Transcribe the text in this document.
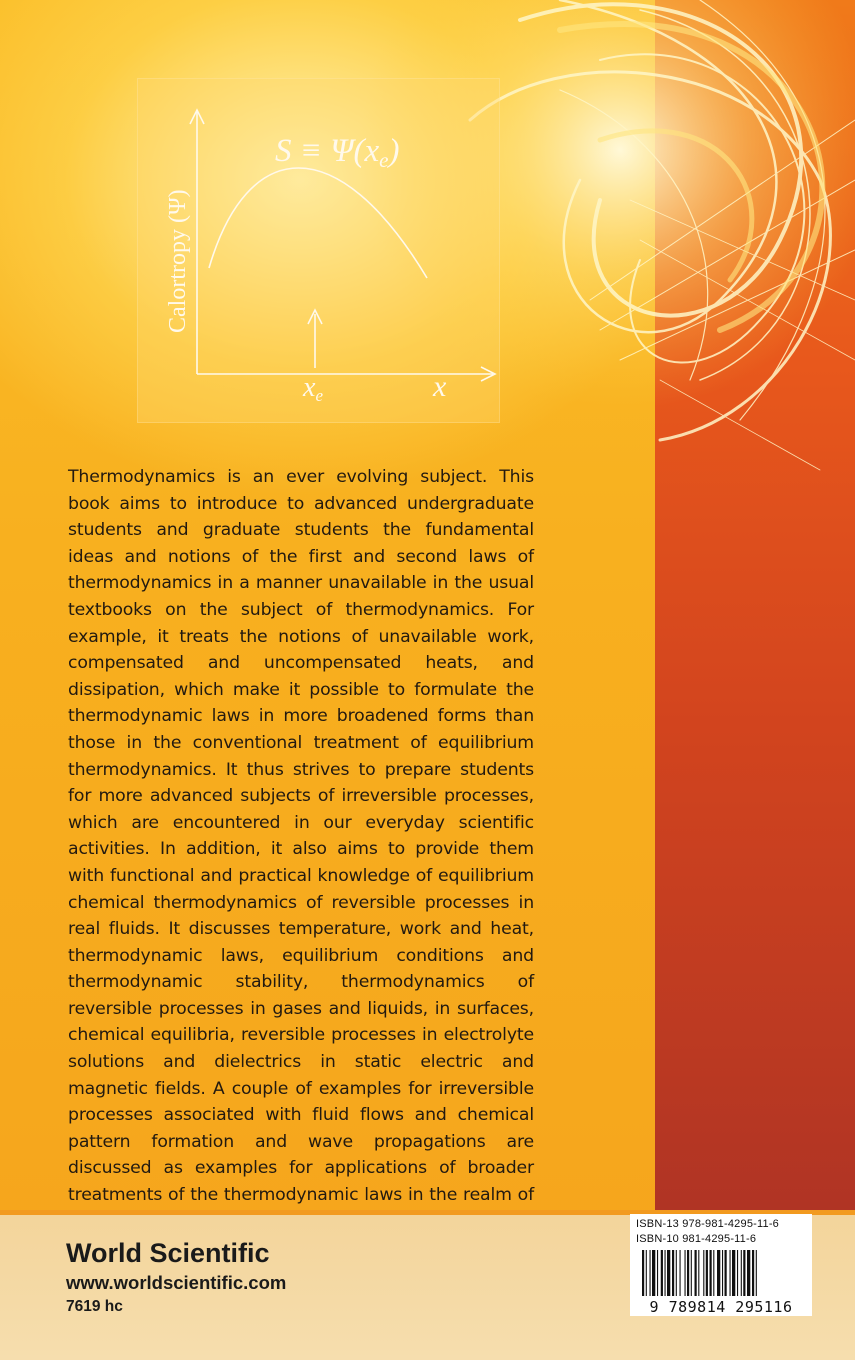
S ≡ Ψ(xe)
Calortropy (Ψ)
xe	x

Thermodynamics is an ever evolving subject. This book aims to introduce to advanced undergraduate students and graduate students the fundamental ideas and notions of the first and second laws of thermodynamics in a manner unavailable in the usual textbooks on the subject of thermodynamics. For example, it treats the notions of unavailable work, compensated and uncompensated heats, and dissipation, which make it possible to formulate the thermodynamic laws in more broadened forms than those in the conventional treatment of equilibrium thermodynamics. It thus strives to prepare students for more advanced subjects of irreversible processes, which are encountered in our everyday scientific activities. In addition, it also aims to provide them with functional and practical knowledge of equilibrium chemical thermodynamics of reversible processes in real fluids. It discusses temperature, work and heat, thermodynamic laws, equilibrium conditions and thermodynamic stability, thermodynamics of reversible processes in gases and liquids, in surfaces, chemical equilibria, reversible processes in electrolyte solutions and dielectrics in static electric and magnetic fields. A couple of examples for irreversible processes associated with fluid flows and chemical pattern formation and wave propagations are discussed as examples for applications of broader treatments of the thermodynamic laws in the realm of

World Scientific
www.worldscientific.com
7619 hc
ISBN-13 978-981-4295-11-6
ISBN-10 981-4295-11-6
9 789814 295116
